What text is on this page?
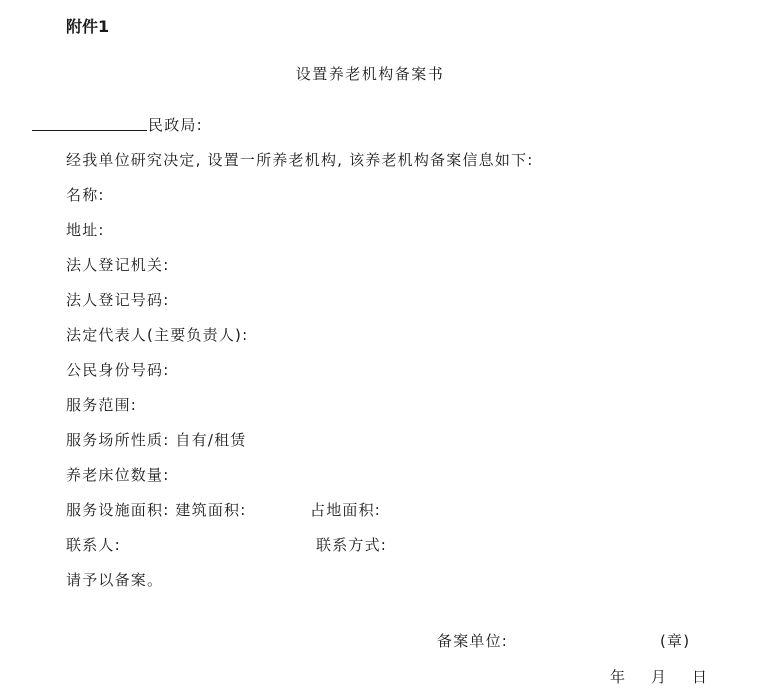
附件1
设置养老机构备案书
民政局:
经我单位研究决定, 设置一所养老机构, 该养老机构备案信息如下:
名称:
地址:
法人登记机关:
法人登记号码:
法定代表人(主要负责人):
公民身份号码:
服务范围:
服务场所性质: 自有/租赁
养老床位数量:
服务设施面积: 建筑面积:	占地面积:
联系人:	联系方式:
请予以备案。
备案单位:	(章)
年 月 日
